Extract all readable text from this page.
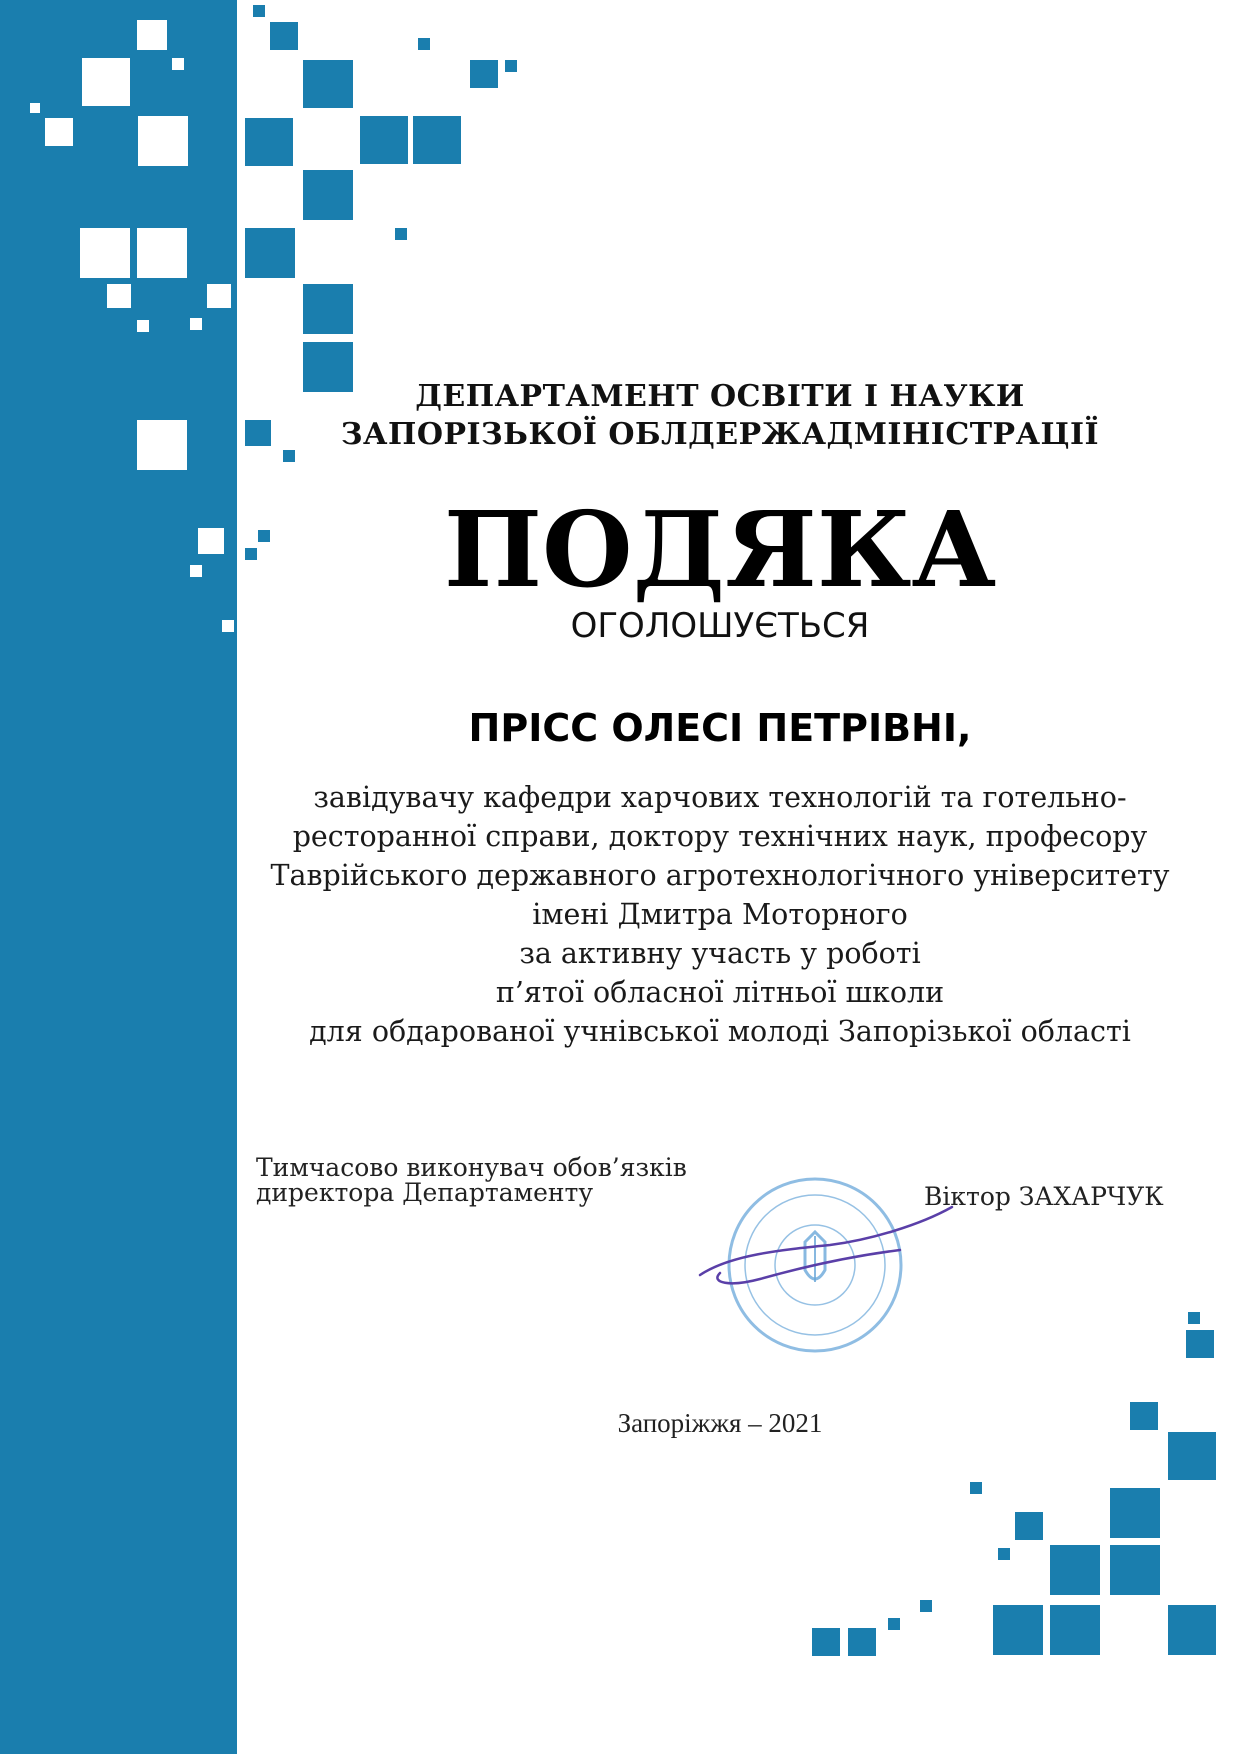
ДЕПАРТАМЕНТ ОСВІТИ І НАУКИ
ЗАПОРІЗЬКОЇ ОБЛДЕРЖАДМІНІСТРАЦІЇ
ПОДЯКА
ОГОЛОШУЄТЬСЯ
ПРІСС ОЛЕСІ ПЕТРІВНІ,
завідувачу кафедри харчових технологій та готельно-
ресторанної справи, доктору технічних наук, професору
Таврійського державного агротехнологічного університету
імені Дмитра Моторного
за активну участь у роботі
п’ятої обласної літньої школи
для обдарованої учнівської молоді Запорізької області
Тимчасово виконувач обов’язків
директора Департаменту	Віктор ЗАХАРЧУК
Запоріжжя – 2021
